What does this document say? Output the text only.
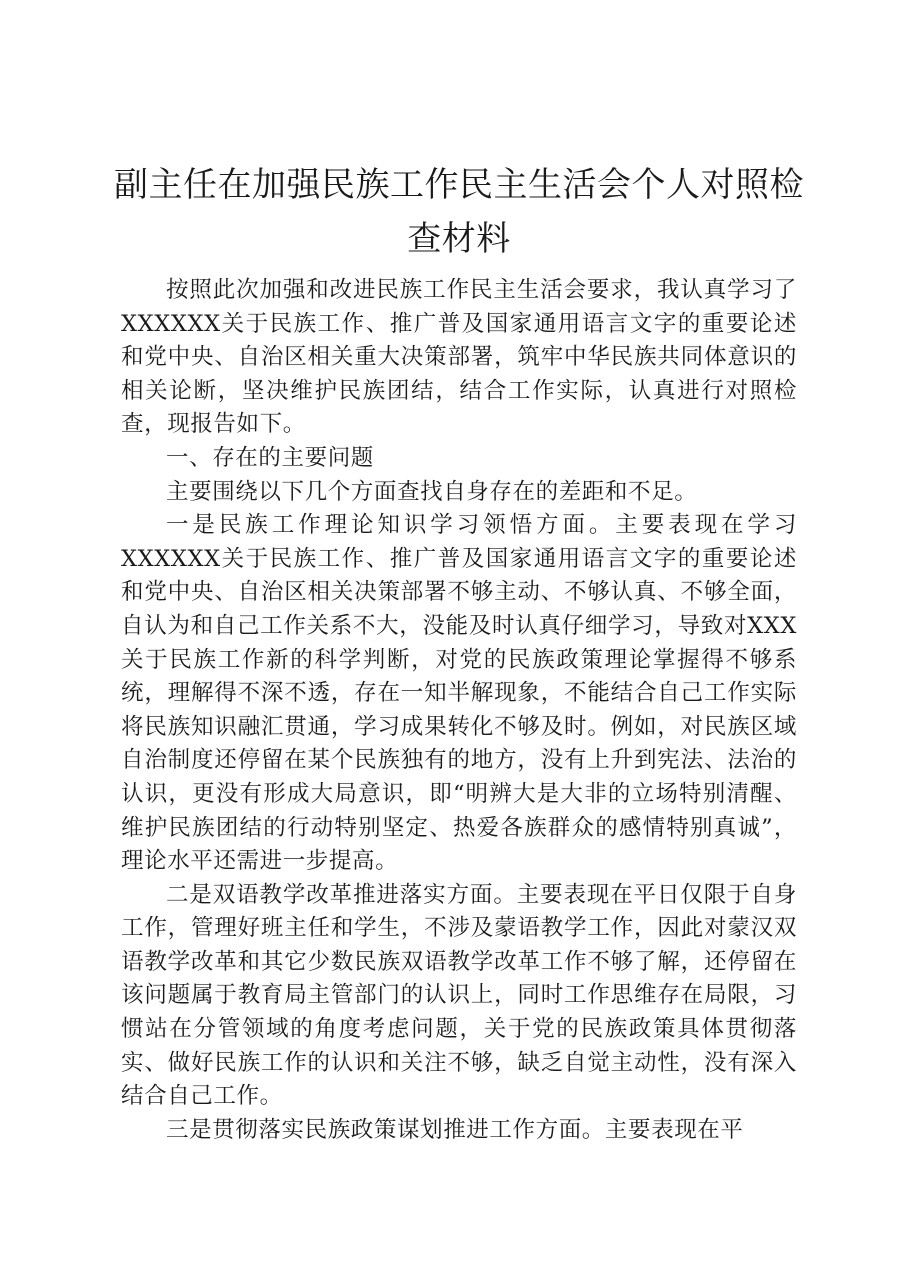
副主任在加强民族工作民主生活会个人对照检查材料

按照此次加强和改进民族工作民主生活会要求，我认真学习了XXXXXX关于民族工作、推广普及国家通用语言文字的重要论述和党中央、自治区相关重大决策部署，筑牢中华民族共同体意识的相关论断，坚决维护民族团结，结合工作实际，认真进行对照检查，现报告如下。

一、存在的主要问题

主要围绕以下几个方面查找自身存在的差距和不足。

一是民族工作理论知识学习领悟方面。主要表现在学习XXXXXX关于民族工作、推广普及国家通用语言文字的重要论述和党中央、自治区相关决策部署不够主动、不够认真、不够全面，自认为和自己工作关系不大，没能及时认真仔细学习，导致对XXX关于民族工作新的科学判断，对党的民族政策理论掌握得不够系统，理解得不深不透，存在一知半解现象，不能结合自己工作实际将民族知识融汇贯通，学习成果转化不够及时。例如，对民族区域自治制度还停留在某个民族独有的地方，没有上升到宪法、法治的认识，更没有形成大局意识，即“明辨大是大非的立场特别清醒、维护民族团结的行动特别坚定、热爱各族群众的感情特别真诚”，理论水平还需进一步提高。

二是双语教学改革推进落实方面。主要表现在平日仅限于自身工作，管理好班主任和学生，不涉及蒙语教学工作，因此对蒙汉双语教学改革和其它少数民族双语教学改革工作不够了解，还停留在该问题属于教育局主管部门的认识上，同时工作思维存在局限，习惯站在分管领域的角度考虑问题，关于党的民族政策具体贯彻落实、做好民族工作的认识和关注不够，缺乏自觉主动性，没有深入结合自己工作。

三是贯彻落实民族政策谋划推进工作方面。主要表现在平
